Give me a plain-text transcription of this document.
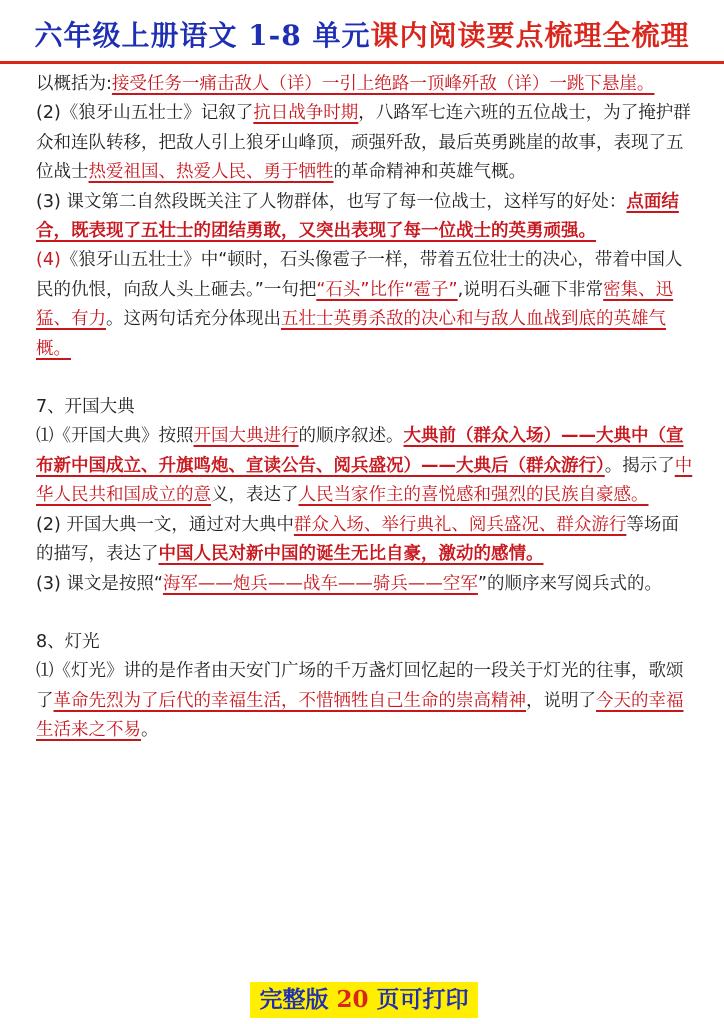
六年级上册语文 1-8 单元课内阅读要点梳理全梳理

以概括为:接受任务一痛击敌人（详）一引上绝路一顶峰歼敌（详）一跳下悬崖。

(2)《狼牙山五壮士》记叙了抗日战争时期，八路军七连六班的五位战士，为了掩护群众和连队转移，把敌人引上狼牙山峰顶，顽强歼敌，最后英勇跳崖的故事，表现了五位战士热爱祖国、热爱人民、勇于牺牲的革命精神和英雄气概。

(3) 课文第二自然段既关注了人物群体，也写了每一位战士，这样写的好处：点面结合，既表现了五壮士的团结勇敢，又突出表现了每一位战士的英勇顽强。

(4)《狼牙山五壮士》中“顿时，石头像雹子一样，带着五位壮士的决心，带着中国人民的仇恨，向敌人头上砸去。”一句把“石头”比作“雹子”,说明石头砸下非常密集、迅猛、有力。这两句话充分体现出五壮士英勇杀敌的决心和与敌人血战到底的英雄气概。

7、开国大典

⑴《开国大典》按照开国大典进行的顺序叙述。大典前（群众入场）——大典中（宣布新中国成立、升旗鸣炮、宣读公告、阅兵盛况）——大典后（群众游行）。揭示了中华人民共和国成立的意义，表达了人民当家作主的喜悦感和强烈的民族自豪感。

(2) 开国大典一文，通过对大典中群众入场、举行典礼、阅兵盛况、群众游行等场面的描写，表达了中国人民对新中国的诞生无比自豪，激动的感情。

(3) 课文是按照“海军——炮兵——战车——骑兵——空军”的顺序来写阅兵式的。

8、灯光

⑴《灯光》讲的是作者由天安门广场的千万盏灯回忆起的一段关于灯光的往事，歌颂了革命先烈为了后代的幸福生活，不惜牺牲自己生命的崇高精神，说明了今天的幸福生活来之不易。

完整版 20 页可打印
